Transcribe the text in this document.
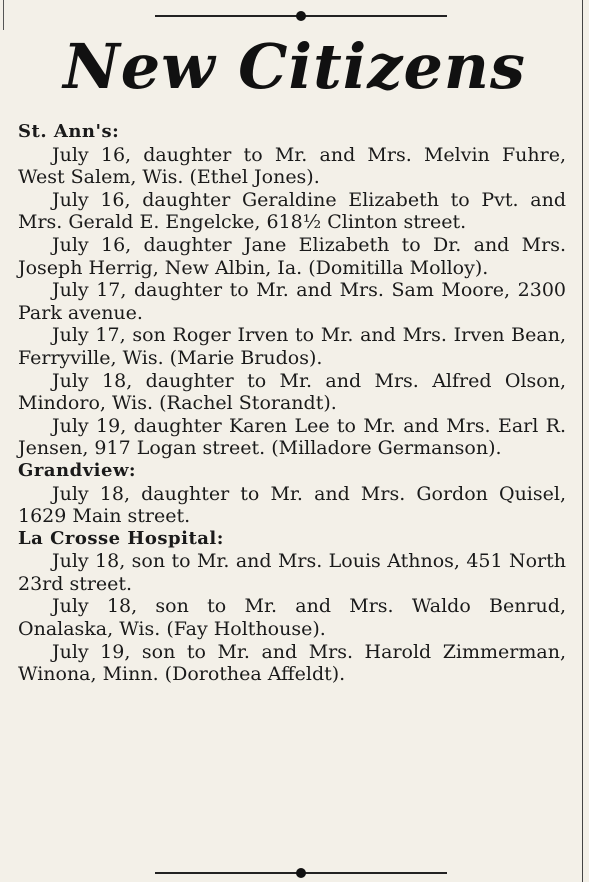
New Citizens
St. Ann's:

July 16, daughter to Mr. and Mrs. Melvin Fuhre, West Salem, Wis. (Ethel Jones).

July 16, daughter Geraldine Elizabeth to Pvt. and Mrs. Gerald E. Engelcke, 618½ Clinton street.

July 16, daughter Jane Elizabeth to Dr. and Mrs. Joseph Herrig, New Albin, Ia. (Domitilla Molloy).

July 17, daughter to Mr. and Mrs. Sam Moore, 2300 Park avenue.

July 17, son Roger Irven to Mr. and Mrs. Irven Bean, Ferryville, Wis. (Marie Brudos).

July 18, daughter to Mr. and Mrs. Alfred Olson, Mindoro, Wis. (Rachel Storandt).

July 19, daughter Karen Lee to Mr. and Mrs. Earl R. Jensen, 917 Logan street. (Milladore Germanson).

Grandview:

July 18, daughter to Mr. and Mrs. Gordon Quisel, 1629 Main street.

La Crosse Hospital:

July 18, son to Mr. and Mrs. Louis Athnos, 451 North 23rd street.

July 18, son to Mr. and Mrs. Waldo Benrud, Onalaska, Wis. (Fay Holthouse).

July 19, son to Mr. and Mrs. Harold Zimmerman, Winona, Minn. (Dorothea Affeldt).
